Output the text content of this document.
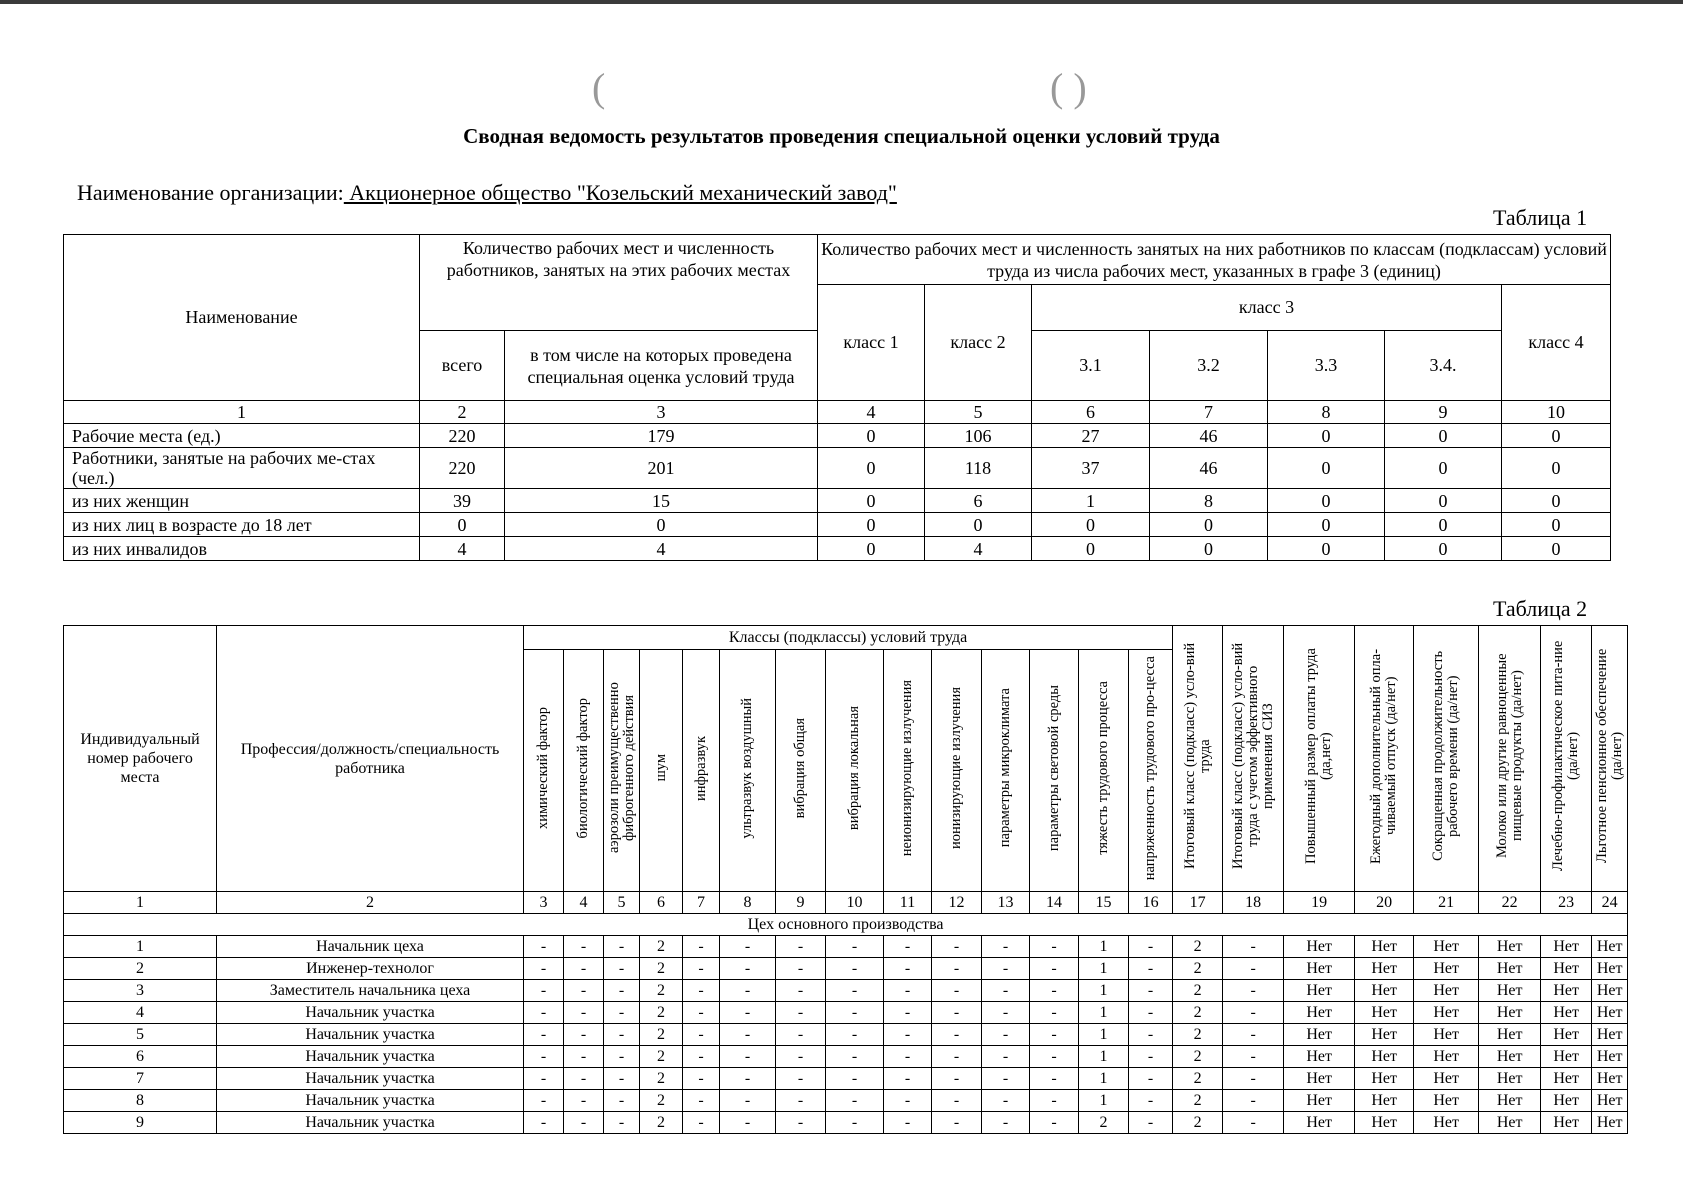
(	( )
Сводная ведомость результатов проведения специальной оценки условий труда
Наименование организации: Акционерное общество "Козельский механический завод"
Таблица 1
Наименование	Количество рабочих мест и численность работников, занятых на этих рабочих местах		Количество рабочих мест и численность занятых на них работников по классам (подклассам) условий труда из числа рабочих мест, указанных в графе 3 (единиц)						
			класс 1	класс 2	класс 3				класс 4
	всего	в том числе на которых проведена специальная оценка условий труда			3.1	3.2	3.3	3.4.	
1	2	3	4	5	6	7	8	9	10
Рабочие места (ед.)	220	179	0	106	27	46	0	0	0
Работники, занятые на рабочих ме-стах (чел.)	220	201	0	118	37	46	0	0	0
из них женщин	39	15	0	6	1	8	0	0	0
из них лиц в возрасте до 18 лет	0	0	0	0	0	0	0	0	0
из них инвалидов	4	4	0	4	0	0	0	0	0
Таблица 2
Индивидуальный номер рабочего места	Профессия/должность/специальность работника	Классы (подклассы) условий труда														Итоговый класс (подкласс) усло-вий труда	Итоговый класс (подкласс) усло-вий труда с учетом эффективного применения СИЗ	Повышенный размер оплаты труда (да,нет)	Ежегодный дополнительный опла-чиваемый отпуск (да/нет)	Сокращенная продолжительность рабочего времени (да/нет)	Молоко или другие равноценные пищевые продукты (да/нет)	Лечебно-профилактическое пита-ние (да/нет)	Льготное пенсионное обеспечение (да/нет)
		химический фактор	биологический фактор	аэрозоли преимущественно фиброгенного действия	шум	инфразвук	ультразвук воздушный	вибрация общая	вибрация локальная	неионизирующие излучения	ионизирующие излучения	параметры микроклимата	параметры световой среды	тяжесть трудового процесса	напряженность трудового про-цесса								
1	2	3	4	5	6	7	8	9	10	11	12	13	14	15	16	17	18	19	20	21	22	23	24
Цех основного производства																							
1	Начальник цеха	-	-	-	2	-	-	-	-	-	-	-	-	1	-	2	-	Нет	Нет	Нет	Нет	Нет	Нет
2	Инженер-технолог	-	-	-	2	-	-	-	-	-	-	-	-	1	-	2	-	Нет	Нет	Нет	Нет	Нет	Нет
3	Заместитель начальника цеха	-	-	-	2	-	-	-	-	-	-	-	-	1	-	2	-	Нет	Нет	Нет	Нет	Нет	Нет
4	Начальник участка	-	-	-	2	-	-	-	-	-	-	-	-	1	-	2	-	Нет	Нет	Нет	Нет	Нет	Нет
5	Начальник участка	-	-	-	2	-	-	-	-	-	-	-	-	1	-	2	-	Нет	Нет	Нет	Нет	Нет	Нет
6	Начальник участка	-	-	-	2	-	-	-	-	-	-	-	-	1	-	2	-	Нет	Нет	Нет	Нет	Нет	Нет
7	Начальник участка	-	-	-	2	-	-	-	-	-	-	-	-	1	-	2	-	Нет	Нет	Нет	Нет	Нет	Нет
8	Начальник участка	-	-	-	2	-	-	-	-	-	-	-	-	1	-	2	-	Нет	Нет	Нет	Нет	Нет	Нет
9	Начальник участка	-	-	-	2	-	-	-	-	-	-	-	-	2	-	2	-	Нет	Нет	Нет	Нет	Нет	Нет
